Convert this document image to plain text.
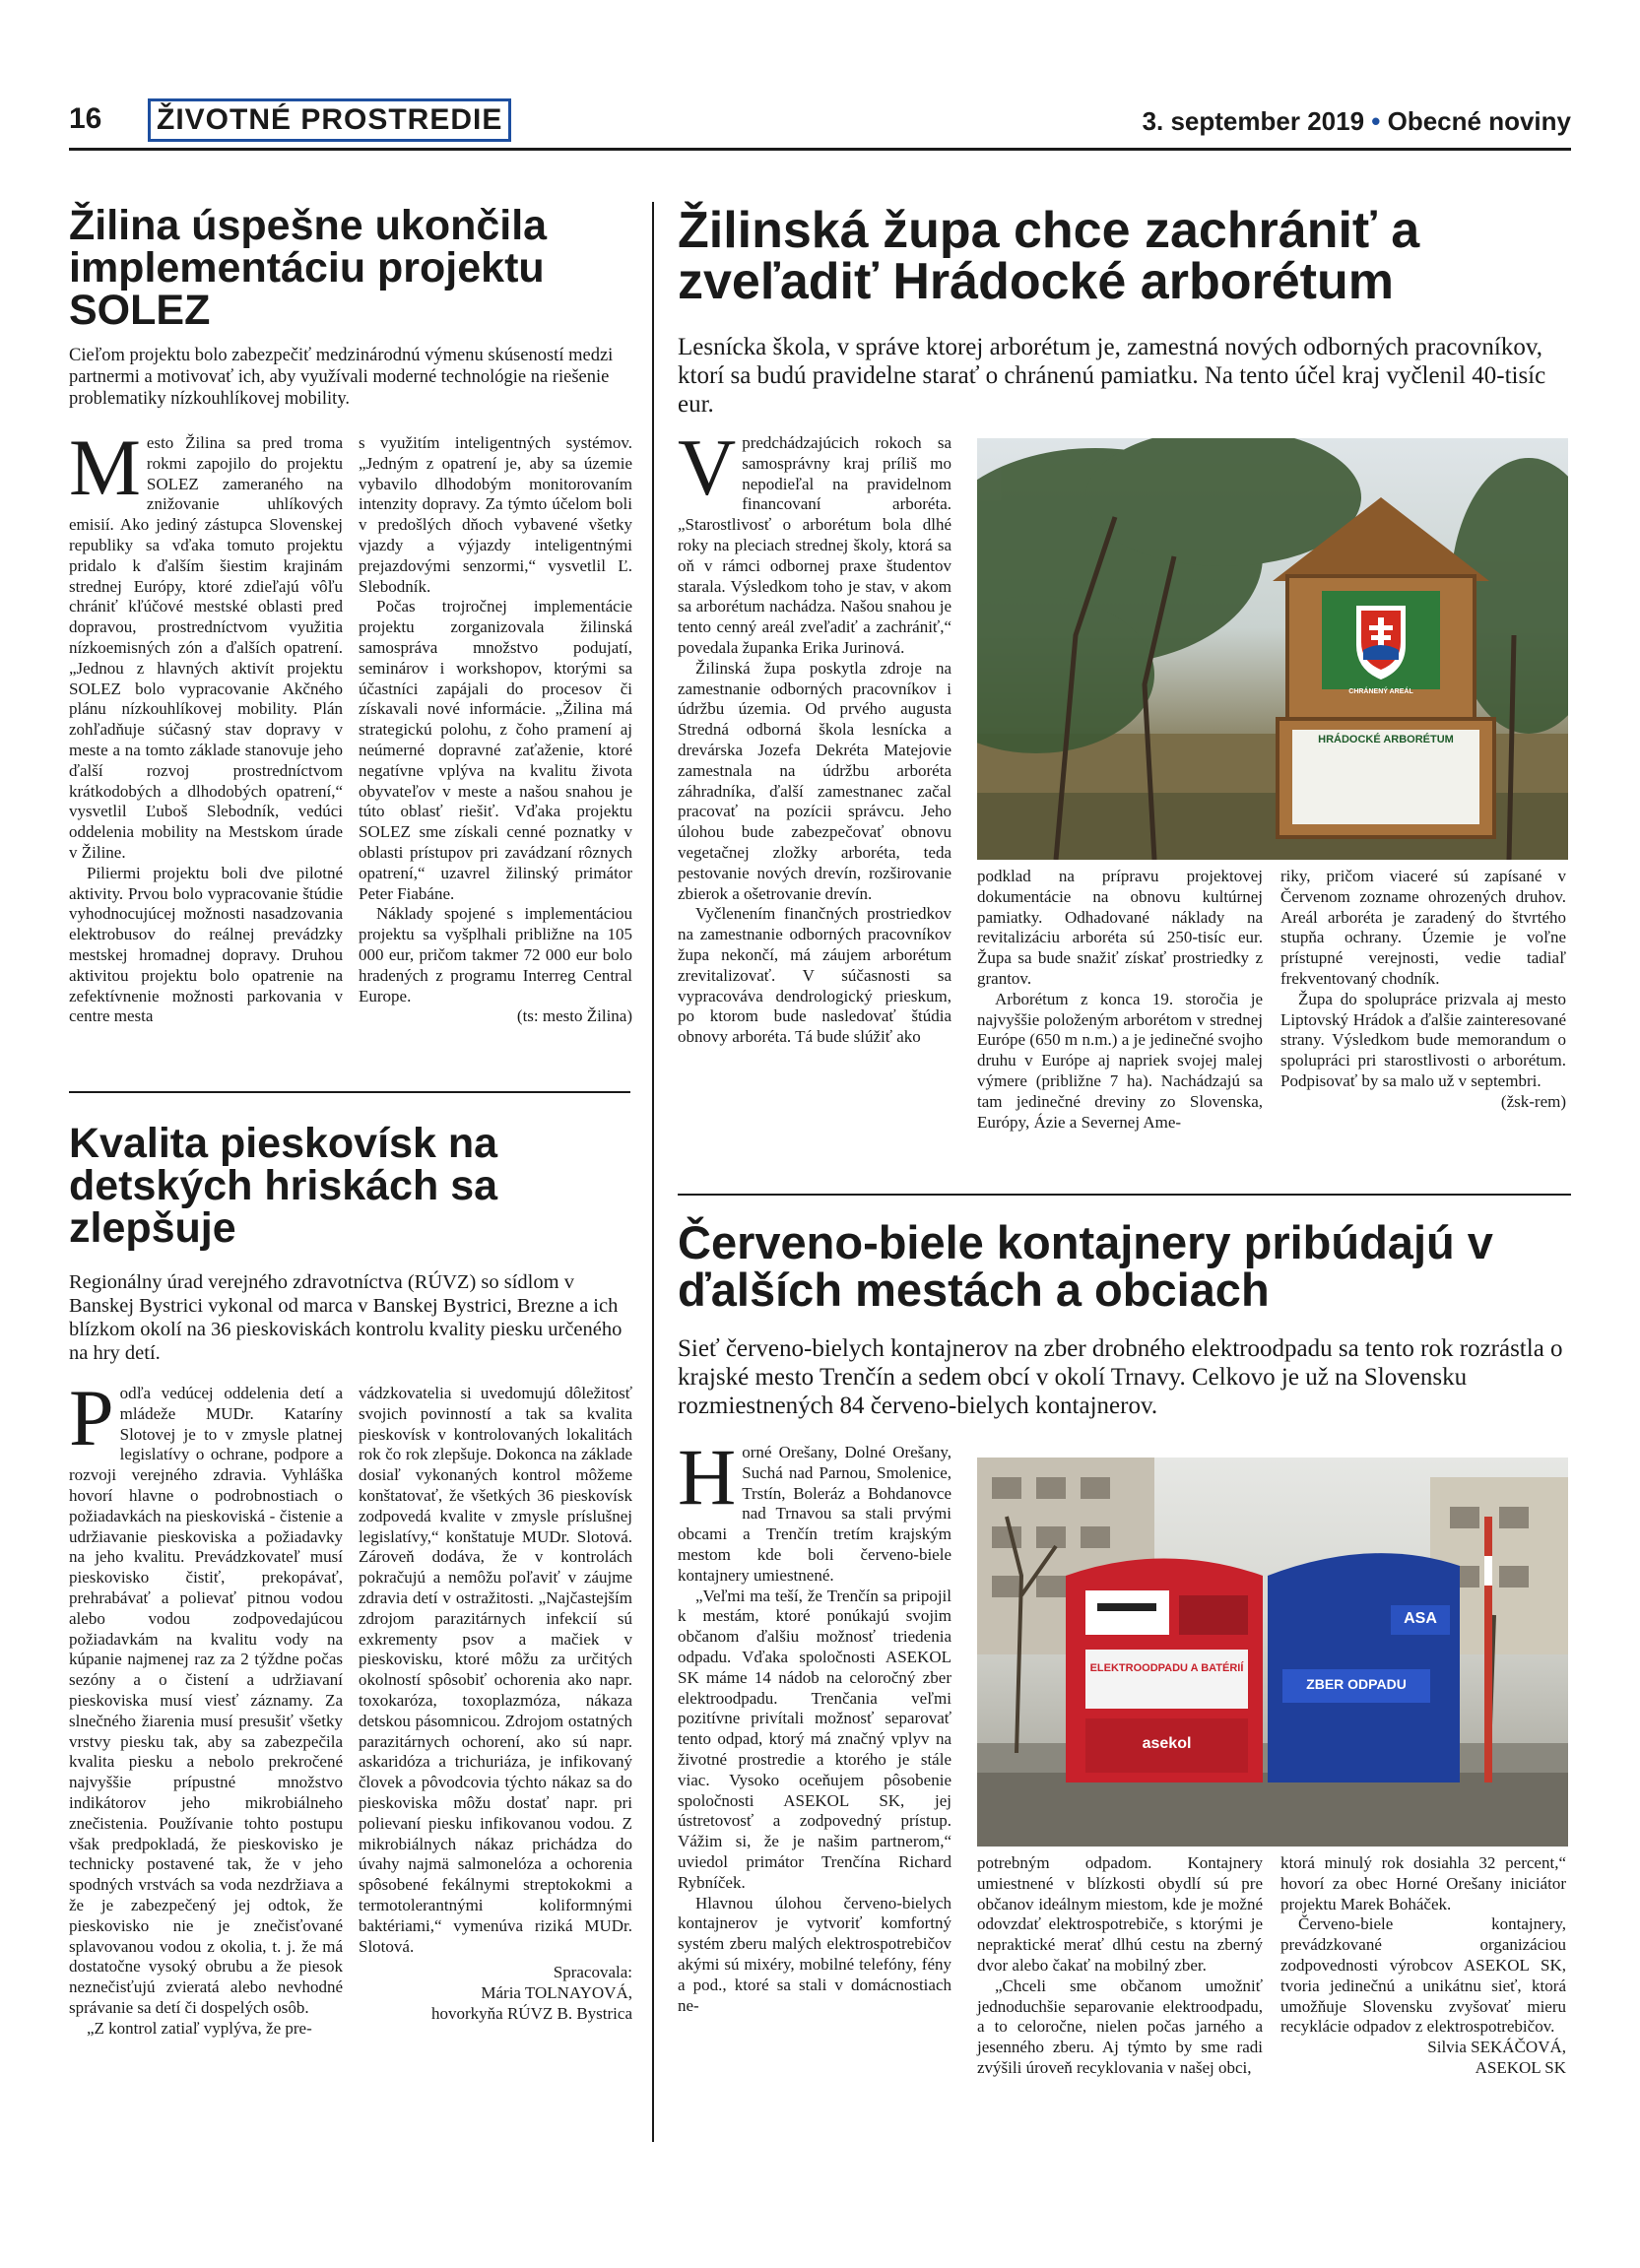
16	ŽIVOTNÉ PROSTREDIE	3. september 2019 • Obecné noviny
Žilina úspešne ukončila implementáciu projektu SOLEZ
Cieľom projektu bolo zabezpečiť medzinárodnú výmenu skúseností medzi partnermi a motivovať ich, aby využívali moderné technológie na riešenie problematiky nízkouhlíkovej mobility.

Mesto Žilina sa pred troma rokmi zapojilo do projektu SOLEZ zameraného na znižovanie uhlíkových emisií. Ako jediný zástupca Slovenskej republiky sa vďaka tomuto projektu pridalo k ďalším šiestim krajinám strednej Európy, ktoré zdieľajú vôľu chrániť kľúčové mestské oblasti pred dopravou, prostredníctvom využitia nízkoemisných zón a ďalších opatrení. „Jednou z hlavných aktivít projektu SOLEZ bolo vypracovanie Akčného plánu nízkouhlíkovej mobility. Plán zohľadňuje súčasný stav dopravy v meste a na tomto základe stanovuje jeho ďalší rozvoj prostredníctvom krátkodobých a dlhodobých opatrení,“ vysvetlil Ľuboš Slebodník, vedúci oddelenia mobility na Mestskom úrade v Žiline.

Piliermi projektu boli dve pilotné aktivity. Prvou bolo vypracovanie štúdie vyhodnocujúcej možnosti nasadzovania elektrobusov do reálnej prevádzky mestskej hromadnej dopravy. Druhou aktivitou projektu bolo opatrenie na zefektívnenie možnosti parkovania v centre mesta

s využitím inteligentných systémov. „Jedným z opatrení je, aby sa územie vybavilo dlhodobým monitorovaním intenzity dopravy. Za týmto účelom boli v predošlých dňoch vybavené všetky vjazdy a výjazdy inteligentnými prejazdovými senzormi,“ vysvetlil Ľ. Slebodník.

Počas trojročnej implementácie projektu zorganizovala žilinská samospráva množstvo podujatí, seminárov i workshopov, ktorými sa účastníci zapájali do procesov či získavali nové informácie. „Žilina má strategickú polohu, z čoho pramení aj neúmerné dopravné zaťaženie, ktoré negatívne vplýva na kvalitu života obyvateľov v meste a našou snahou je túto oblasť riešiť. Vďaka projektu SOLEZ sme získali cenné poznatky v oblasti prístupov pri zavádzaní rôznych opatrení,“ uzavrel žilinský primátor Peter Fiabáne.

Náklady spojené s implementáciou projektu sa vyšplhali približne na 105 000 eur, pričom takmer 72 000 eur bolo hradených z programu Interreg Central Europe.

(ts: mesto Žilina)

Kvalita pieskovísk na detských hriskách sa zlepšuje
Regionálny úrad verejného zdravotníctva (RÚVZ) so sídlom v Banskej Bystrici vykonal od marca v Banskej Bystrici, Brezne a ich blízkom okolí na 36 pieskoviskách kontrolu kvality piesku určeného na hry detí.

Podľa vedúcej oddelenia detí a mládeže MUDr. Kataríny Slotovej je to v zmysle platnej legislatívy o ochrane, podpore a rozvoji verejného zdravia. Vyhláška hovorí hlavne o podrobnostiach o požiadavkách na pieskoviská - čistenie a udržiavanie pieskoviska a požiadavky na jeho kvalitu. Prevádzkovateľ musí pieskovisko čistiť, prekopávať, prehrabávať a polievať pitnou vodou alebo vodou zodpovedajúcou požiadavkám na kvalitu vody na kúpanie najmenej raz za 2 týždne počas sezóny a o čistení a udržiavaní pieskoviska musí viesť záznamy. Za slnečného žiarenia musí presušiť všetky vrstvy piesku tak, aby sa zabezpečila kvalita piesku a nebolo prekročené najvyššie prípustné množstvo indikátorov jeho mikrobiálneho znečistenia. Používanie tohto postupu však predpokladá, že pieskovisko je technicky postavené tak, že v jeho spodných vrstvách sa voda nezdržiava a že je zabezpečený jej odtok, že pieskovisko nie je znečisťované splavovanou vodou z okolia, t. j. že má dostatočne vysoký obrubu a že piesok neznečisťujú zvieratá alebo nevhodné správanie sa detí či dospelých osôb.

„Z kontrol zatiaľ vyplýva, že pre-

vádzkovatelia si uvedomujú dôležitosť svojich povinností a tak sa kvalita pieskovísk v kontrolovaných lokalitách rok čo rok zlepšuje. Dokonca na základe dosiaľ vykonaných kontrol môžeme konštatovať, že všetkých 36 pieskovísk zodpovedá kvalite v zmysle príslušnej legislatívy,“ konštatuje MUDr. Slotová. Zároveň dodáva, že v kontrolách pokračujú a nemôžu poľaviť v záujme zdravia detí v ostražitosti. „Najčastejším zdrojom parazitárnych infekcií sú exkrementy psov a mačiek v pieskovisku, ktoré môžu za určitých okolností spôsobiť ochorenia ako napr. toxokaróza, toxoplazmóza, nákaza detskou pásomnicou. Zdrojom ostatných parazitárnych ochorení, ako sú napr. askaridóza a trichuriáza, je infikovaný človek a pôvodcovia týchto nákaz sa do pieskoviska môžu dostať napr. pri polievaní piesku infikovanou vodou. Z mikrobiálnych nákaz prichádza do úvahy najmä salmonelóza a ochorenia spôsobené fekálnymi streptokokmi a termotolerantnými koliformnými baktériami,“ vymenúva riziká MUDr. Slotová.

Spracovala:

Mária TOLNAYOVÁ,

hovorkyňa RÚVZ B. Bystrica

Žilinská župa chce zachrániť a zveľadiť Hrádocké arborétum
Lesnícka škola, v správe ktorej arborétum je, zamestná nových odborných pracovníkov, ktorí sa budú pravidelne starať o chránenú pamiatku. Na tento účel kraj vyčlenil 40-tisíc eur.

Vpredchádzajúcich rokoch sa samosprávny kraj príliš mo nepodieľal na pravidelnom financovaní arboréta. „Starostlivosť o arborétum bola dlhé roky na pleciach strednej školy, ktorá sa oň v rámci odbornej praxe študentov starala. Výsledkom toho je stav, v akom sa arborétum nachádza. Našou snahou je tento cenný areál zveľadiť a zachrániť,“ povedala županka Erika Jurinová.

Žilinská župa poskytla zdroje na zamestnanie odborných pracovníkov i údržbu územia. Od prvého augusta Stredná odborná škola lesnícka a drevárska Jozefa Dekréta Matejovie zamestnala na údržbu arboréta záhradníka, ďalší zamestnanec začal pracovať na pozícii správcu. Jeho úlohou bude zabezpečovať obnovu vegetačnej zložky arboréta, teda pestovanie nových drevín, rozširovanie zbierok a ošetrovanie drevín.

Vyčlenením finančných prostriedkov na zamestnanie odborných pracovníkov župa nekončí, má záujem arborétum zrevitalizovať. V súčasnosti sa vypracováva dendrologický prieskum, po ktorom bude nasledovať štúdia obnovy arboréta. Tá bude slúžiť ako

CHRÁNENÝ AREÁL
HRÁDOCKÉ ARBORÉTUM

podklad na prípravu projektovej dokumentácie na obnovu kultúrnej pamiatky. Odhadované náklady na revitalizáciu arboréta sú 250-tisíc eur. Župa sa bude snažiť získať prostriedky z grantov.

Arborétum z konca 19. storočia je najvyššie položeným arborétom v strednej Európe (650 m n.m.) a je jedinečné svojho druhu v Európe aj napriek svojej malej výmere (približne 7 ha). Nachádzajú sa tam jedinečné dreviny zo Slovenska, Európy, Ázie a Severnej Ame-

riky, pričom viaceré sú zapísané v Červenom zozname ohrozených druhov. Areál arboréta je zaradený do štvrtého stupňa ochrany. Územie je voľne prístupné verejnosti, vedie tadiaľ frekventovaný chodník.

Župa do spolupráce prizvala aj mesto Liptovský Hrádok a ďalšie zainteresované strany. Výsledkom bude memorandum o spolupráci pri starostlivosti o arborétum. Podpisovať by sa malo už v septembri.

(žsk-rem)

Červeno-biele kontajnery pribúdajú v ďalších mestách a obciach
Sieť červeno-bielych kontajnerov na zber drobného elektroodpadu sa tento rok rozrástla o krajské mesto Trenčín a sedem obcí v okolí Trnavy. Celkovo je už na Slovensku rozmiestnených 84 červeno-bielych kontajnerov.

Horné Orešany, Dolné Orešany, Suchá nad Parnou, Smolenice, Trstín, Boleráz a Bohdanovce nad Trnavou sa stali prvými obcami a Trenčín tretím krajským mestom kde boli červeno-biele kontajnery umiestnené.

„Veľmi ma teší, že Trenčín sa pripojil k mestám, ktoré ponúkajú svojim občanom ďalšiu možnosť triedenia odpadu. Vďaka spoločnosti ASEKOL SK máme 14 nádob na celoročný zber elektroodpadu. Trenčania veľmi pozitívne privítali možnosť separovať tento odpad, ktorý má značný vplyv na životné prostredie a ktorého je stále viac. Vysoko oceňujem pôsobenie spoločnosti ASEKOL SK, jej ústretovosť a zodpovedný prístup. Vážim si, že je našim partnerom,“ uviedol primátor Trenčína Richard Rybníček.

Hlavnou úlohou červeno-bielych kontajnerov je vytvoriť komfortný systém zberu malých elektrospotrebičov akými sú mixéry, mobilné telefóny, fény a pod., ktoré sa stali v domácnostiach ne-

ELEKTROODPADU A BATÉRIÍ
asekol
ASA
ZBER ODPADU

potrebným odpadom. Kontajnery umiestnené v blízkosti obydlí sú pre občanov ideálnym miestom, kde je možné odovzdať elektrospotrebiče, s ktorými je nepraktické merať dlhú cestu na zberný dvor alebo čakať na mobilný zber.

„Chceli sme občanom umožniť jednoduchšie separovanie elektroodpadu, a to celoročne, nielen počas jarného a jesenného zberu. Aj týmto by sme radi zvýšili úroveň recyklovania v našej obci,

ktorá minulý rok dosiahla 32 percent,“ hovorí za obec Horné Orešany iniciátor projektu Marek Boháček.

Červeno-biele kontajnery, prevádzkované organizáciou zodpovednosti výrobcov ASEKOL SK, tvoria jedinečnú a unikátnu sieť, ktorá umožňuje Slovensku zvyšovať mieru recyklácie odpadov z elektrospotrebičov.

Silvia SEKÁČOVÁ,

ASEKOL SK
